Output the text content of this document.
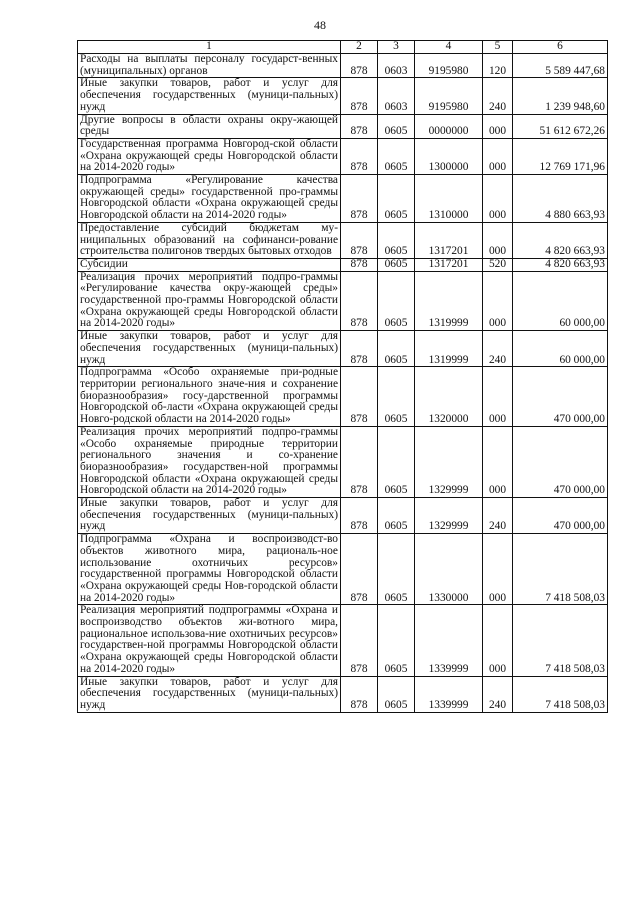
48
1	2	3	4	5	6

Расходы на выплаты персоналу государст-венных (муниципальных) органов	878	0603	9195980	120	5 589 447,68

Иные закупки товаров, работ и услуг для обеспечения государственных (муници-пальных) нужд	878	0603	9195980	240	1 239 948,60

Другие вопросы в области охраны окру-жающей среды	878	0605	0000000	000	51 612 672,26

Государственная программа Новгород-ской области «Охрана окружающей среды Новгородской области на 2014-2020 годы»	878	0605	1300000	000	12 769 171,96

Подпрограмма «Регулирование качества окружающей среды» государственной про-граммы Новгородской области «Охрана окружающей среды Новгородской области на 2014-2020 годы»	878	0605	1310000	000	4 880 663,93

Предоставление субсидий бюджетам му-ниципальных образований на софинанси-рование строительства полигонов твердых бытовых отходов	878	0605	1317201	000	4 820 663,93

Субсидии	878	0605	1317201	520	4 820 663,93

Реализация прочих мероприятий подпро-граммы «Регулирование качества окру-жающей среды» государственной про-граммы Новгородской области «Охрана окружающей среды Новгородской области на 2014-2020 годы»	878	0605	1319999	000	60 000,00

Иные закупки товаров, работ и услуг для обеспечения государственных (муници-пальных) нужд	878	0605	1319999	240	60 000,00

Подпрограмма «Особо охраняемые при-родные территории регионального значе-ния и сохранение биоразнообразия» госу-дарственной программы Новгородской об-ласти «Охрана окружающей среды Новго-родской области на 2014-2020 годы»	878	0605	1320000	000	470 000,00

Реализация прочих мероприятий подпро-граммы «Особо охраняемые природные территории регионального значения и со-хранение биоразнообразия» государствен-ной программы Новгородской области «Охрана окружающей среды Новгородской области на 2014-2020 годы»	878	0605	1329999	000	470 000,00

Иные закупки товаров, работ и услуг для обеспечения государственных (муници-пальных) нужд	878	0605	1329999	240	470 000,00

Подпрограмма «Охрана и воспроизводст-во объектов животного мира, рациональ-ное использование охотничьих ресурсов» государственной программы Новгородской области «Охрана окружающей среды Нов-городской области на 2014-2020 годы»	878	0605	1330000	000	7 418 508,03

Реализация мероприятий подпрограммы «Охрана и воспроизводство объектов жи-вотного мира, рациональное использова-ние охотничьих ресурсов» государствен-ной программы Новгородской области «Охрана окружающей среды Новгородской области на 2014-2020 годы»	878	0605	1339999	000	7 418 508,03

Иные закупки товаров, работ и услуг для обеспечения государственных (муници-пальных) нужд	878	0605	1339999	240	7 418 508,03
